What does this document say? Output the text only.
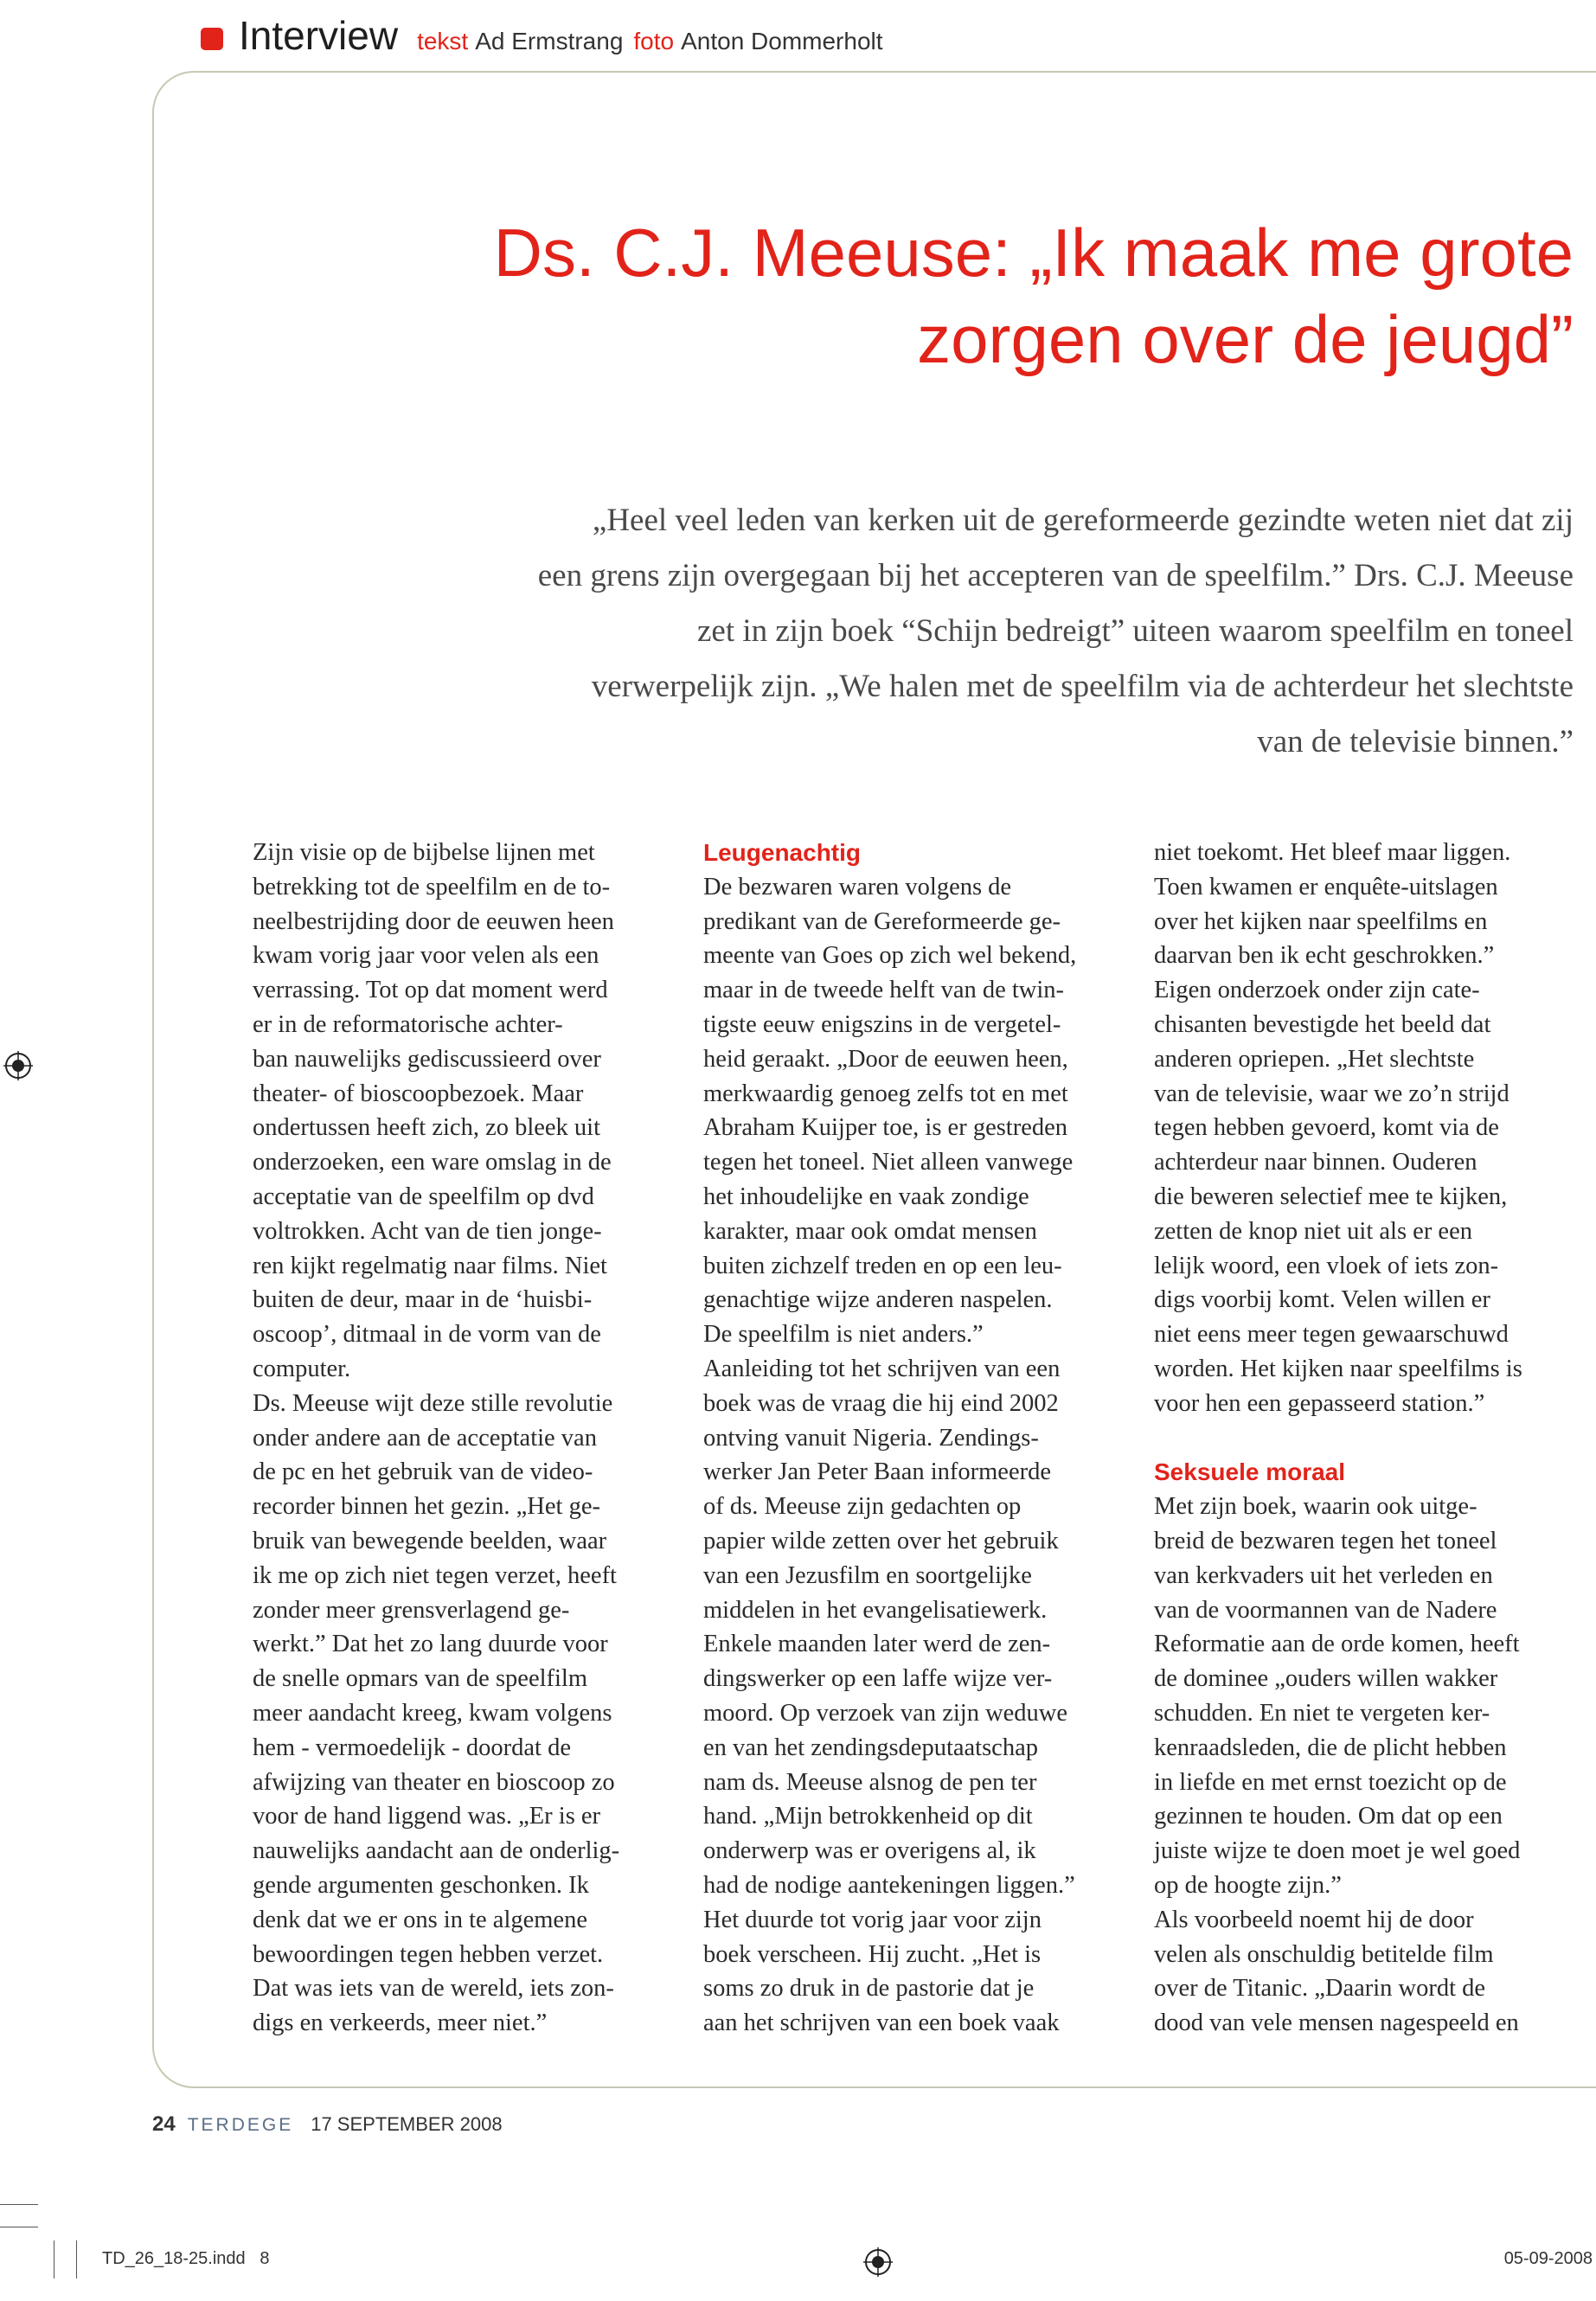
Interview tekst Ad Ermstrang foto Anton Dommerholt
Ds. C.J. Meeuse: „Ik maak me grote
zorgen over de jeugd”
„Heel veel leden van kerken uit de gereformeerde gezindte weten niet dat zij
een grens zijn overgegaan bij het accepteren van de speelfilm.” Drs. C.J. Meeuse
zet in zijn boek “Schijn bedreigt” uiteen waarom speelfilm en toneel
verwerpelijk zijn. „We halen met de speelfilm via de achterdeur het slechtste
van de televisie binnen.”
Zijn visie op de bijbelse lijnen met
betrekking tot de speelfilm en de to-
neelbestrijding door de eeuwen heen
kwam vorig jaar voor velen als een
verrassing. Tot op dat moment werd
er in de reformatorische achter-
ban nauwelijks gediscussieerd over
theater- of bioscoopbezoek. Maar
ondertussen heeft zich, zo bleek uit
onderzoeken, een ware omslag in de
acceptatie van de speelfilm op dvd
voltrokken. Acht van de tien jonge-
ren kijkt regelmatig naar films. Niet
buiten de deur, maar in de ‘huisbi-
oscoop’, ditmaal in de vorm van de
computer.
Ds. Meeuse wijt deze stille revolutie
onder andere aan de acceptatie van
de pc en het gebruik van de video-
recorder binnen het gezin. „Het ge-
bruik van bewegende beelden, waar
ik me op zich niet tegen verzet, heeft
zonder meer grensverlagend ge-
werkt.” Dat het zo lang duurde voor
de snelle opmars van de speelfilm
meer aandacht kreeg, kwam volgens
hem - vermoedelijk - doordat de
afwijzing van theater en bioscoop zo
voor de hand liggend was. „Er is er
nauwelijks aandacht aan de onderlig-
gende argumenten geschonken. Ik
denk dat we er ons in te algemene
bewoordingen tegen hebben verzet.
Dat was iets van de wereld, iets zon-
digs en verkeerds, meer niet.”
Leugenachtig
De bezwaren waren volgens de
predikant van de Gereformeerde ge-
meente van Goes op zich wel bekend,
maar in de tweede helft van de twin-
tigste eeuw enigszins in de vergetel-
heid geraakt. „Door de eeuwen heen,
merkwaardig genoeg zelfs tot en met
Abraham Kuijper toe, is er gestreden
tegen het toneel. Niet alleen vanwege
het inhoudelijke en vaak zondige
karakter, maar ook omdat mensen
buiten zichzelf treden en op een leu-
genachtige wijze anderen naspelen.
De speelfilm is niet anders.”
Aanleiding tot het schrijven van een
boek was de vraag die hij eind 2002
ontving vanuit Nigeria. Zendings-
werker Jan Peter Baan informeerde
of ds. Meeuse zijn gedachten op
papier wilde zetten over het gebruik
van een Jezusfilm en soortgelijke
middelen in het evangelisatiewerk.
Enkele maanden later werd de zen-
dingswerker op een laffe wijze ver-
moord. Op verzoek van zijn weduwe
en van het zendingsdeputaatschap
nam ds. Meeuse alsnog de pen ter
hand. „Mijn betrokkenheid op dit
onderwerp was er overigens al, ik
had de nodige aantekeningen liggen.”
Het duurde tot vorig jaar voor zijn
boek verscheen. Hij zucht. „Het is
soms zo druk in de pastorie dat je
aan het schrijven van een boek vaak
niet toekomt. Het bleef maar liggen.
Toen kwamen er enquête-uitslagen
over het kijken naar speelfilms en
daarvan ben ik echt geschrokken.”
Eigen onderzoek onder zijn cate-
chisanten bevestigde het beeld dat
anderen opriepen. „Het slechtste
van de televisie, waar we zo’n strijd
tegen hebben gevoerd, komt via de
achterdeur naar binnen. Ouderen
die beweren selectief mee te kijken,
zetten de knop niet uit als er een
lelijk woord, een vloek of iets zon-
digs voorbij komt. Velen willen er
niet eens meer tegen gewaarschuwd
worden. Het kijken naar speelfilms is
voor hen een gepasseerd station.”
Seksuele moraal
Met zijn boek, waarin ook uitge-
breid de bezwaren tegen het toneel
van kerkvaders uit het verleden en
van de voormannen van de Nadere
Reformatie aan de orde komen, heeft
de dominee „ouders willen wakker
schudden. En niet te vergeten ker-
kenraadsleden, die de plicht hebben
in liefde en met ernst toezicht op de
gezinnen te houden. Om dat op een
juiste wijze te doen moet je wel goed
op de hoogte zijn.”
Als voorbeeld noemt hij de door
velen als onschuldig betitelde film
over de Titanic. „Daarin wordt de
dood van vele mensen nagespeeld en
24 TERDEGE 17 SEPTEMBER 2008
TD_26_18-25.indd   8	05-09-2008
